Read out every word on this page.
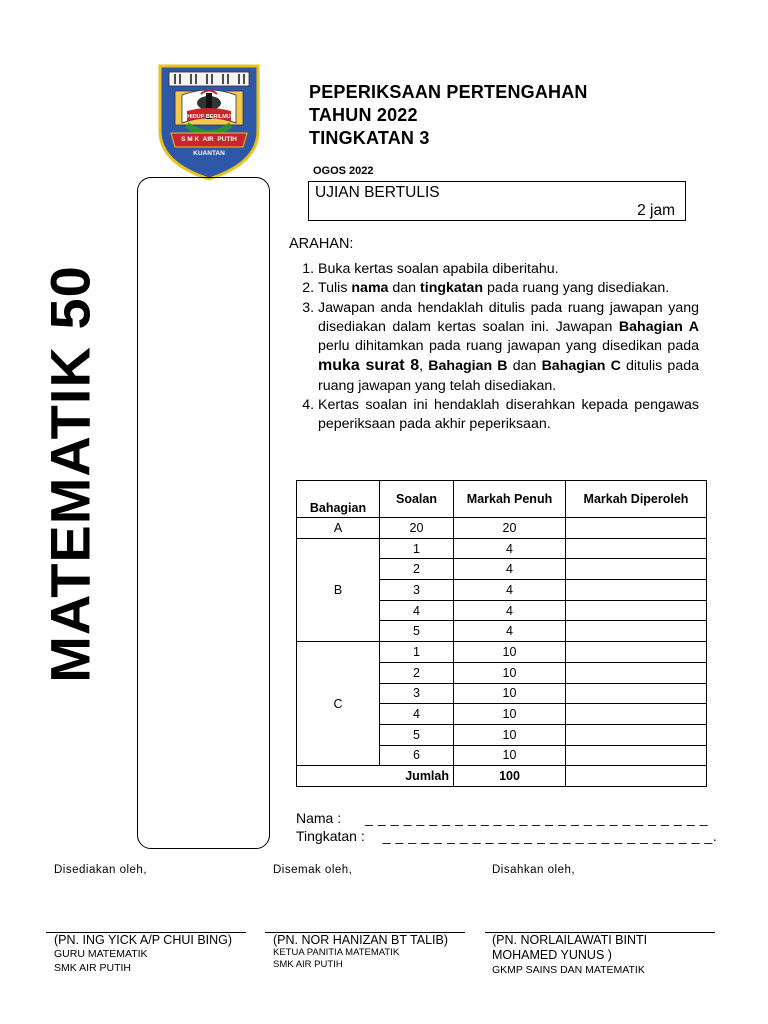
HIDUP BERILMU
S M K  AIR  PUTIH
KUANTAN
PEPERIKSAAN PERTENGAHAN
TAHUN 2022
TINGKATAN 3
OGOS 2022
UJIAN BERTULIS
2 jam
MATEMATIK 50
ARAHAN:
1. Buka kertas soalan apabila diberitahu.
2. Tulis nama dan tingkatan pada ruang yang disediakan.
3. Jawapan anda hendaklah ditulis pada ruang jawapan yang disediakan dalam kertas soalan ini. Jawapan Bahagian A perlu dihitamkan pada ruang jawapan yang disedikan pada muka surat 8, Bahagian B dan Bahagian C ditulis pada ruang jawapan yang telah disediakan.
4. Kertas soalan ini hendaklah diserahkan kepada pengawas peperiksaan pada akhir peperiksaan.
Bahagian	Soalan	Markah Penuh	Markah Diperoleh
A	20	20	
B	1	4	
	2	4	
	3	4	
	4	4	
	5	4	
C	1	10	
	2	10	
	3	10	
	4	10	
	5	10	
	6	10	
	Jumlah	100	
Nama : _ _ _ _ _ _ _ _ _ _ _ _ _ _ _ _ _ _ _ _ _ _ _ _ _ _ _
Tingkatan : _ _ _ _ _ _ _ _ _ _ _ _ _ _ _ _ _ _ _ _ _ _ _ _ _ _.
Disediakan oleh,	Disemak oleh,	Disahkan oleh,
(PN. ING YICK A/P CHUI BING)
GURU MATEMATIK
SMK AIR PUTIH
(PN. NOR HANIZAN BT TALIB)
KETUA PANITIA MATEMATIK
SMK AIR PUTIH
(PN. NORLAILAWATI BINTI MOHAMED YUNUS )
GKMP SAINS DAN MATEMATIK
